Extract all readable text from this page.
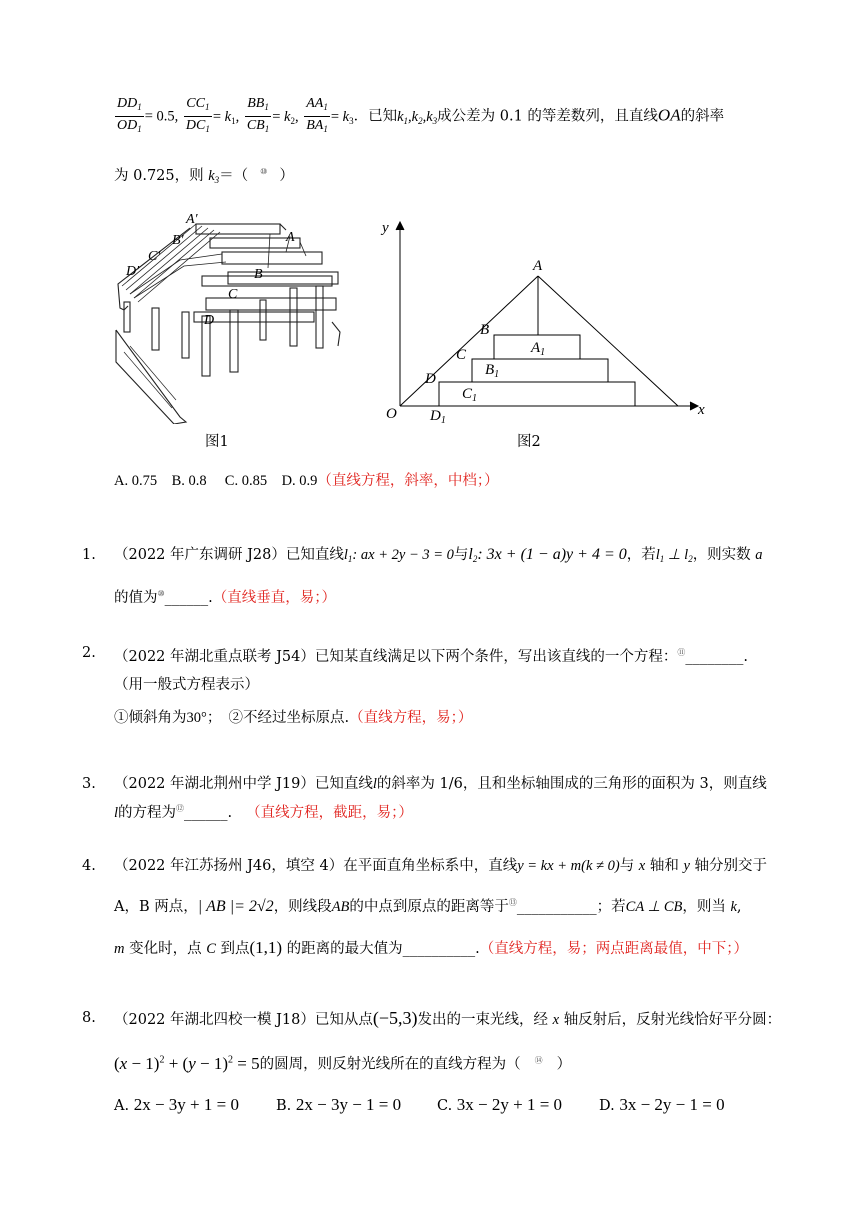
$\frac{DD_1}{OD_1} = 0.5$, $\frac{CC_1}{DC_1} = k_1$, $\frac{BB_1}{CB_1} = k_2$, $\frac{AA_1}{BA_1} = k_3$．已知$k_1,k_2,k_3$成公差为 0.1 的等差数列，且直线OA的斜率
为 0.725，则 $k_3=$（ ⑩ ）
A′
A
B′
B
C′
C
D′
D
图1
y
x
O
A
B
C
D
$A_1$
$B_1$
$C_1$
$D_1$
图2
A. 0.75　B. 0.8　 C. 0.85　D. 0.9（直线方程，斜率，中档；）
1. （2022 年广东调研 J28）已知直线$l_1$: ax + 2y − 3 = 0与$l_2$: 3x + (1 − a)y + 4 = 0，若$l_1$ ⊥ $l_2$，则实数 a
的值为⑩______.（直线垂直，易；）
2. （2022 年湖北重点联考 J54）已知某直线满足以下两个条件，写出该直线的一个方程：⑪________.
（用一般式方程表示）
①倾斜角为30°；　②不经过坐标原点.（直线方程，易；）
3. （2022 年湖北荆州中学 J19）已知直线l的斜率为 1/6，且和坐标轴围成的三角形的面积为 3，则直线
l的方程为⑫______. （直线方程，截距，易；）
4. （2022 年江苏扬州 J46，填空 4）在平面直角坐标系中，直线y = kx + m(k ≠ 0)与 x 轴和 y 轴分别交于
A，B 两点，| AB |= 2√2，则线段AB的中点到原点的距离等于⑬___________；若CA ⊥ CB，则当 k,
m 变化时，点 C 到点(1,1) 的距离的最大值为__________.（直线方程，易；两点距离最值，中下；）
8. （2022 年湖北四校一模 J18）已知从点(−5,3)发出的一束光线，经 x 轴反射后，反射光线恰好平分圆：
$(x - 1)^2 + (y - 1)^2 = 5$的圆周，则反射光线所在的直线方程为（ ⑭ ）
A. 2x − 3y + 1 = 0	B. 2x − 3y − 1 = 0 C. 3x − 2y + 1 = 0	D. 3x − 2y − 1 = 0
